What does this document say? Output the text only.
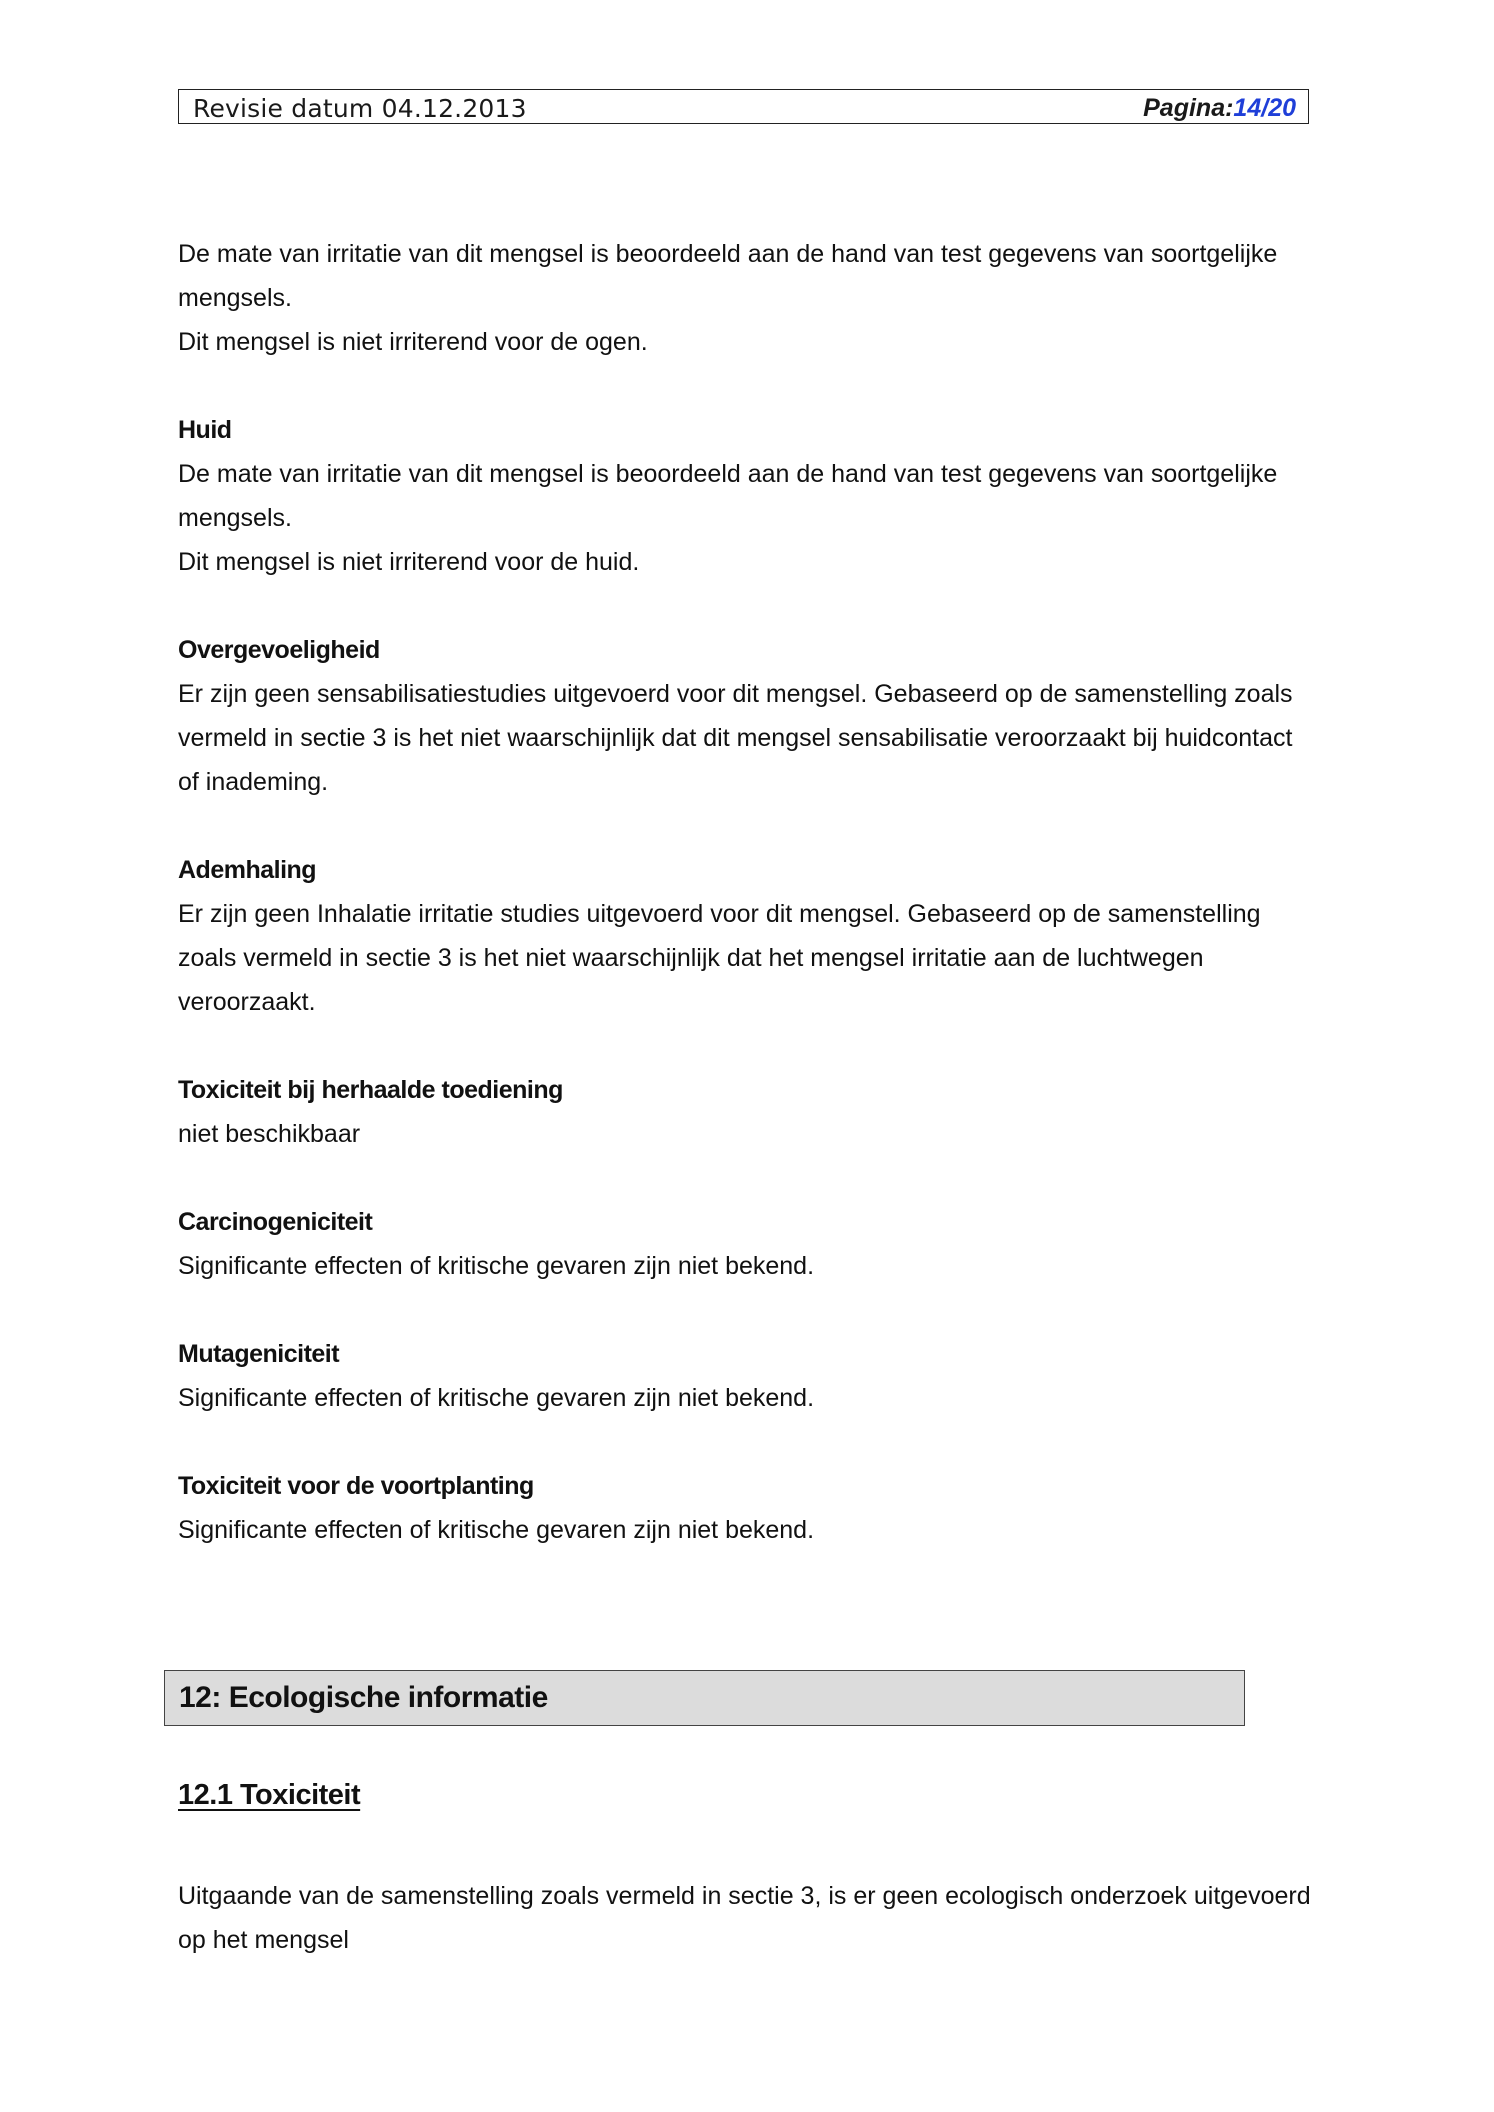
Revisie datum 04.12.2013	Pagina:14/20

De mate van irritatie van dit mengsel is beoordeeld aan de hand van test gegevens van soortgelijke

mengsels.

Dit mengsel is niet irriterend voor de ogen.

Huid

De mate van irritatie van dit mengsel is beoordeeld aan de hand van test gegevens van soortgelijke

mengsels.

Dit mengsel is niet irriterend voor de huid.

Overgevoeligheid

Er zijn geen sensabilisatiestudies uitgevoerd voor dit mengsel. Gebaseerd op de samenstelling zoals

vermeld in sectie 3 is het niet waarschijnlijk dat dit mengsel sensabilisatie veroorzaakt bij huidcontact

of inademing.

Ademhaling

Er zijn geen Inhalatie irritatie studies uitgevoerd voor dit mengsel. Gebaseerd op de samenstelling

zoals vermeld in sectie 3 is het niet waarschijnlijk dat het mengsel irritatie aan de luchtwegen

veroorzaakt.

Toxiciteit bij herhaalde toediening

niet beschikbaar

Carcinogeniciteit

Significante effecten of kritische gevaren zijn niet bekend.

Mutageniciteit

Significante effecten of kritische gevaren zijn niet bekend.

Toxiciteit voor de voortplanting

Significante effecten of kritische gevaren zijn niet bekend.

12: Ecologische informatie
12.1 Toxiciteit

Uitgaande van de samenstelling zoals vermeld in sectie 3, is er geen ecologisch onderzoek uitgevoerd

op het mengsel
